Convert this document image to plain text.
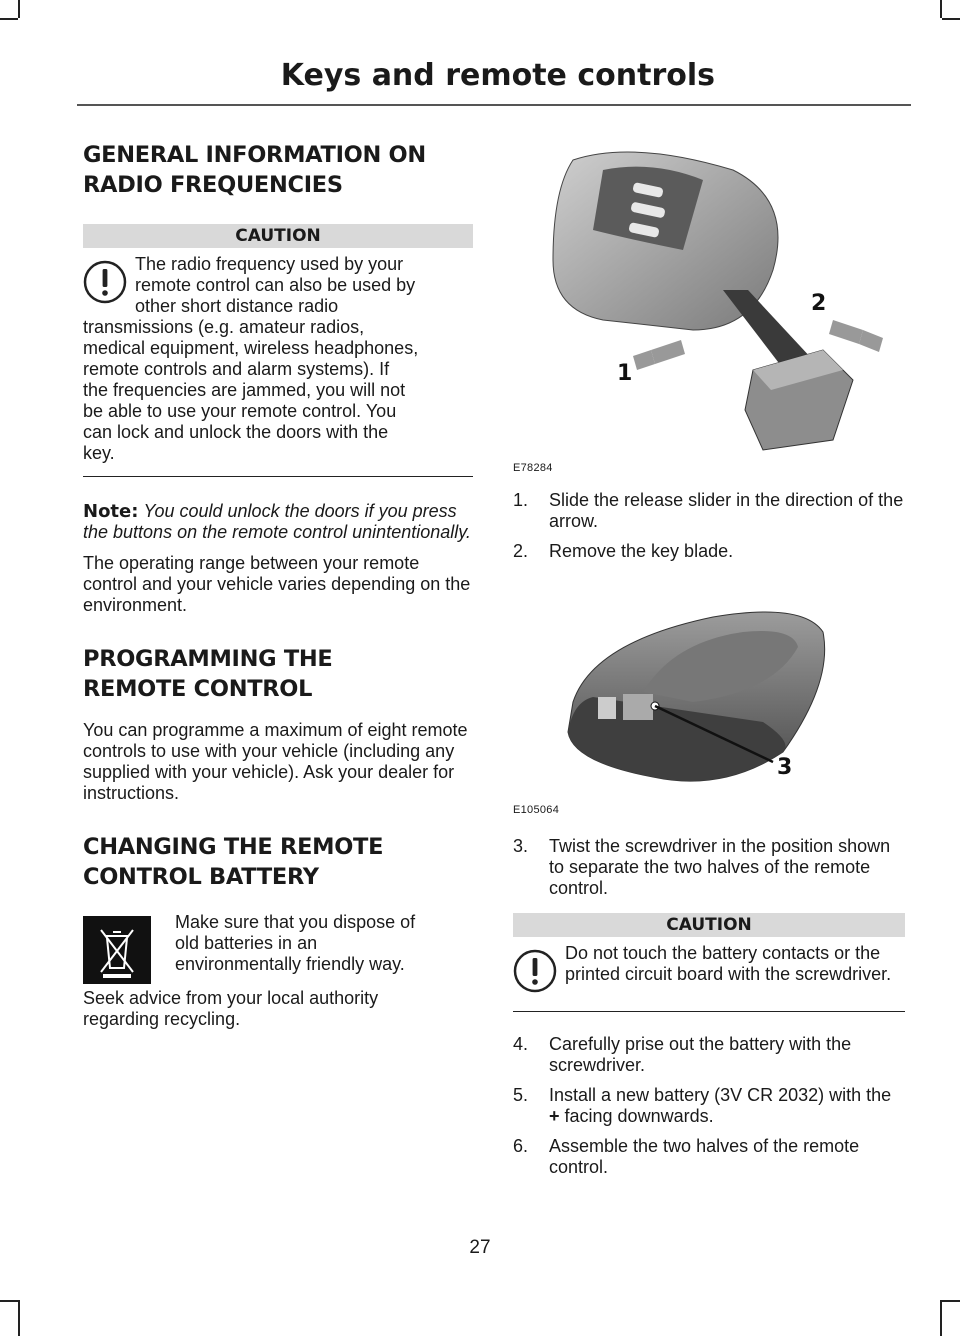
Keys and remote controls
GENERAL INFORMATION ON
RADIO FREQUENCIES
CAUTION

The radio frequency used by your
remote control can also be used by
other short distance radio

transmissions (e.g. amateur radios,
medical equipment, wireless headphones,
remote controls and alarm systems). If
the frequencies are jammed, you will not
be able to use your remote control. You
can lock and unlock the doors with the
key.

Note: You could unlock the doors if you press the buttons on the remote control unintentionally.

The operating range between your remote control and your vehicle varies depending on the environment.

PROGRAMMING THE
REMOTE CONTROL

You can programme a maximum of eight remote controls to use with your vehicle (including any supplied with your vehicle). Ask your dealer for instructions.

CHANGING THE REMOTE
CONTROL BATTERY

Make sure that you dispose of
old batteries in an
environmentally friendly way.

Seek advice from your local authority
regarding recycling.

2
1
E78284
1. Slide the release slider in the direction of the arrow.
2. Remove the key blade.
3
E105064
3. Twist the screwdriver in the position shown to separate the two halves of the remote control.
CAUTION

Do not touch the battery contacts or the printed circuit board with the screwdriver.

4. Carefully prise out the battery with the screwdriver.
5. Install a new battery (3V CR 2032) with the + facing downwards.
6. Assemble the two halves of the remote control.
27
